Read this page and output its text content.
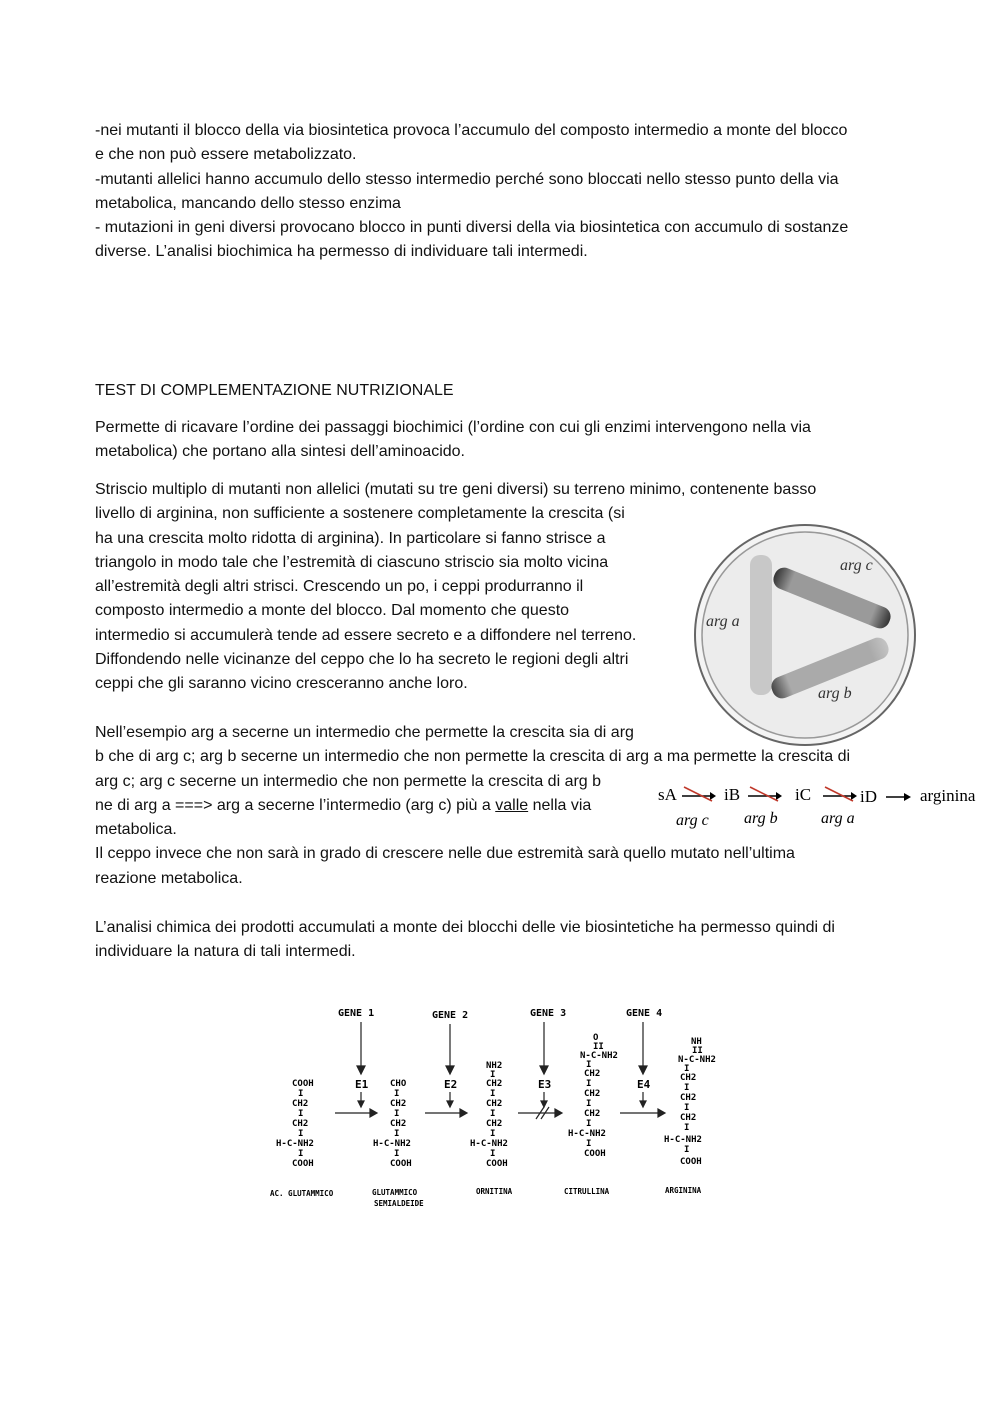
-nei mutanti il blocco della via biosintetica provoca l’accumulo del composto intermedio a monte del blocco
e che non può essere metabolizzato.
-mutanti allelici hanno accumulo dello stesso intermedio perché sono bloccati nello stesso punto della via
metabolica, mancando dello stesso enzima
- mutazioni in geni diversi provocano blocco in punti diversi della via biosintetica con accumulo di sostanze
diverse. L’analisi biochimica ha permesso di individuare tali intermedi.
TEST DI COMPLEMENTAZIONE NUTRIZIONALE
Permette di ricavare l’ordine dei passaggi biochimici (l’ordine con cui gli enzimi intervengono nella via
metabolica) che portano alla sintesi dell’aminoacido.
Striscio multiplo di mutanti non allelici (mutati su tre geni diversi) su terreno minimo, contenente basso
livello di arginina, non sufficiente a sostenere completamente la crescita (si
ha una crescita molto ridotta di arginina). In particolare si fanno strisce a
triangolo in modo tale che l’estremità di ciascuno striscio sia molto vicina
all’estremità degli altri strisci. Crescendo un po, i ceppi produrranno il
composto intermedio a monte del blocco. Dal momento che questo
intermedio si accumulerà tende ad essere secreto e a diffondere nel terreno.
Diffondendo nelle vicinanze del ceppo che lo ha secreto le regioni degli altri
ceppi che gli saranno vicino cresceranno anche loro.
Nell’esempio arg a secerne un intermedio che permette la crescita sia di arg
b che di arg c; arg b secerne un intermedio che non permette la crescita di arg a ma permette la crescita di
arg c; arg c secerne un intermedio che non permette la crescita di arg b
ne di arg a ===> arg a secerne l’intermedio (arg c) più a valle nella via
metabolica.
Il ceppo invece che non sarà in grado di crescere nelle due estremità sarà quello mutato nell’ultima
reazione metabolica.
L’analisi chimica dei prodotti accumulati a monte dei blocchi delle vie biosintetiche ha permesso quindi di
individuare la natura di tali intermedi.
arg c
arg a
arg b
sA	iB	iC	iD	arginina
arg c arg b	arg a
GENE 1	GENE 2	GENE 3	GENE 4
E1	E2	E3	E4
COOH
I
CH2
I
CH2
I
H-C-NH2
I
COOH
CHO
I
CH2
I
CH2
I
H-C-NH2
I
COOH
NH2
I
CH2
I
CH2
I
CH2
I
H-C-NH2
I
COOH
O
II
N-C-NH2
I
CH2
I
CH2
I
CH2
I
H-C-NH2
I
COOH
NH
II
N-C-NH2
I
CH2
I
CH2
I
CH2
I
H-C-NH2
I
COOH
AC. GLUTAMMICO	GLUTAMMICO SEMIALDEIDE
ORNITINA	CITRULLINA	ARGININA
